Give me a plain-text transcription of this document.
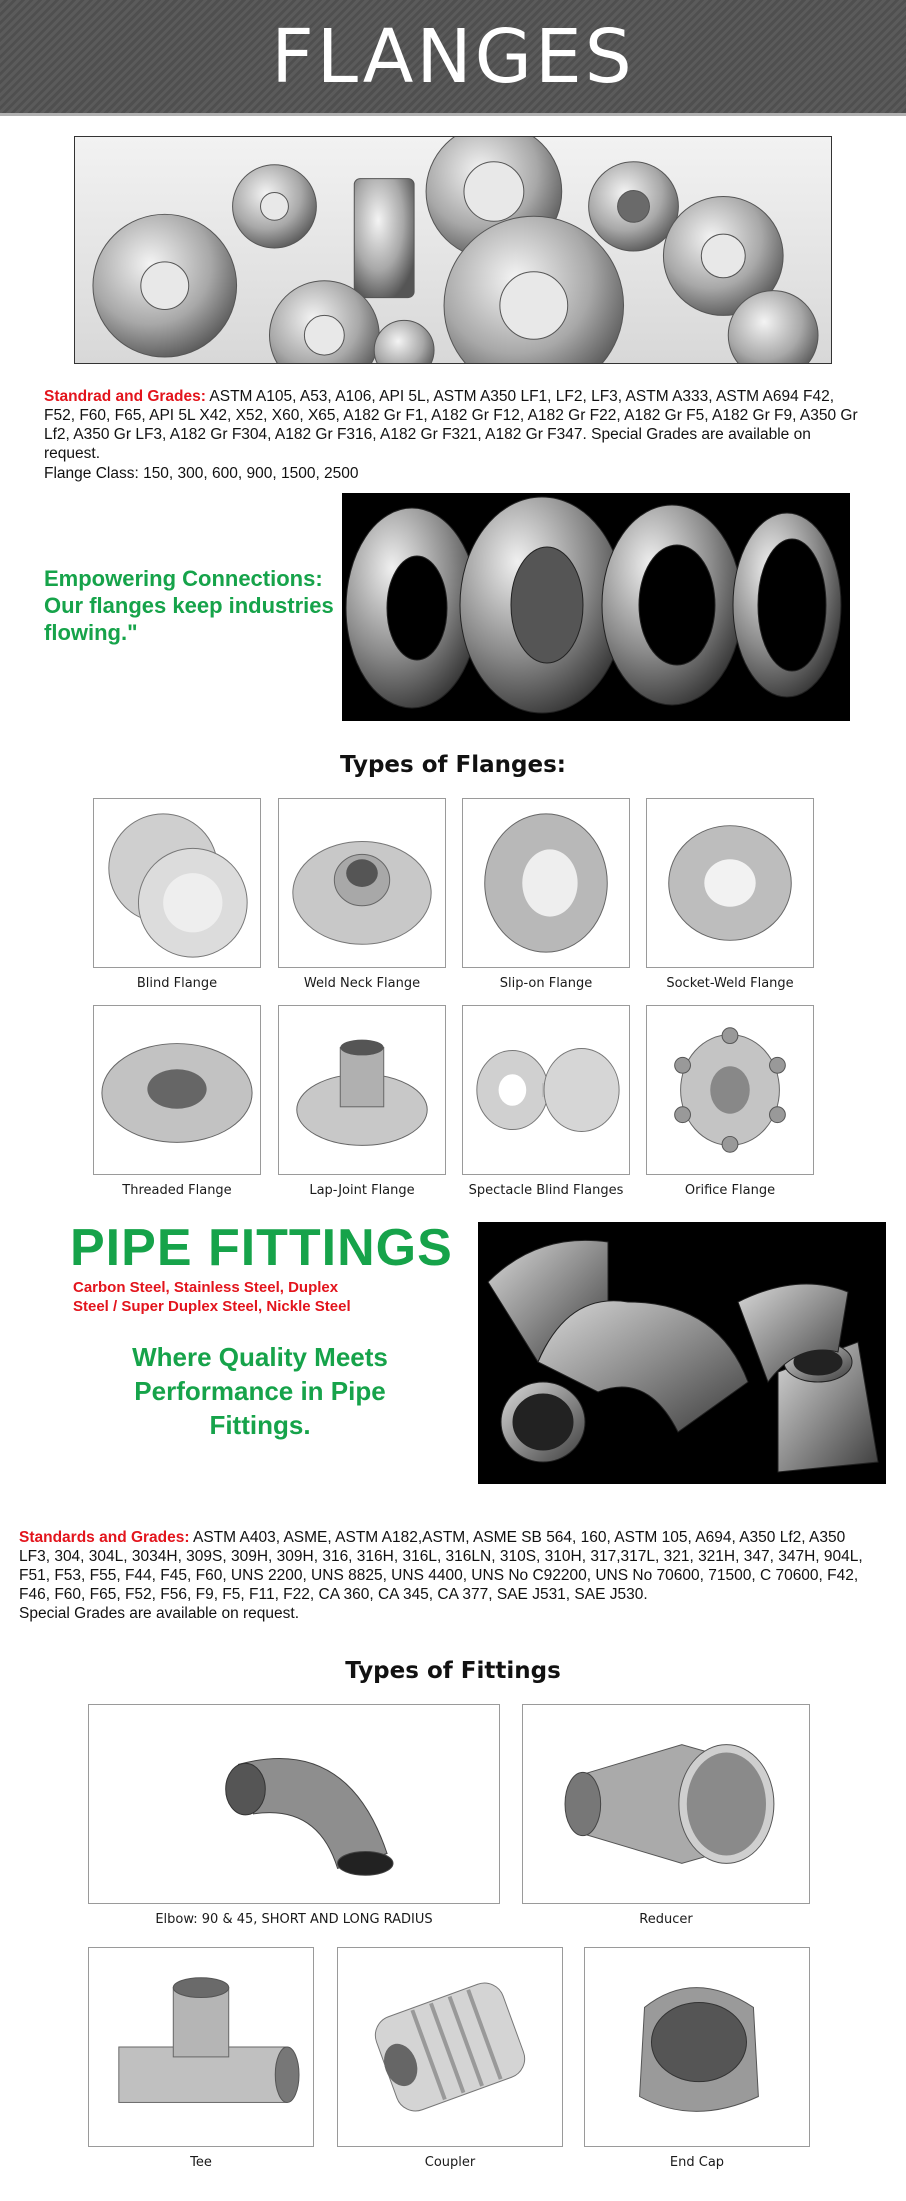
FLANGES

Standrad and Grades: ASTM A105, A53, A106, API 5L, ASTM A350 LF1, LF2, LF3, ASTM A333, ASTM A694 F42, F52, F60, F65, API 5L X42, X52, X60, X65, A182 Gr F1, A182 Gr F12, A182 Gr F22, A182 Gr F5, A182 Gr F9, A350 Gr Lf2, A350 Gr LF3, A182 Gr F304, A182 Gr F316, A182 Gr F321, A182 Gr F347. Special Grades are available on request.

Flange Class: 150, 300, 600, 900, 1500, 2500

Empowering Connections: Our flanges keep industries flowing."
Types of Flanges:
Blind Flange	Weld Neck Flange	Slip-on Flange	Socket-Weld Flange
Threaded Flange	Lap-Joint Flange	Spectacle Blind Flanges	Orifice Flange
PIPE FITTINGS
Carbon Steel, Stainless Steel, Duplex Steel / Super Duplex Steel, Nickle Steel
Where Quality Meets Performance in Pipe Fittings.

Standards and Grades: ASTM A403, ASME, ASTM A182,ASTM, ASME SB 564, 160, ASTM 105, A694, A350 Lf2, A350 LF3, 304, 304L, 3034H, 309S, 309H, 309H, 316, 316H, 316L, 316LN, 310S, 310H, 317,317L, 321, 321H, 347, 347H, 904L, F51, F53, F55, F44, F45, F60, UNS 2200, UNS 8825, UNS 4400, UNS No C92200, UNS No 70600, 71500, C 70600, F42, F46, F60, F65, F52, F56, F9, F5, F11, F22, CA 360, CA 345, CA 377, SAE J531, SAE J530.
Special Grades are available on request.

Types of Fittings
Elbow: 90 & 45, SHORT AND LONG RADIUS	Reducer
Tee	Coupler	End Cap
